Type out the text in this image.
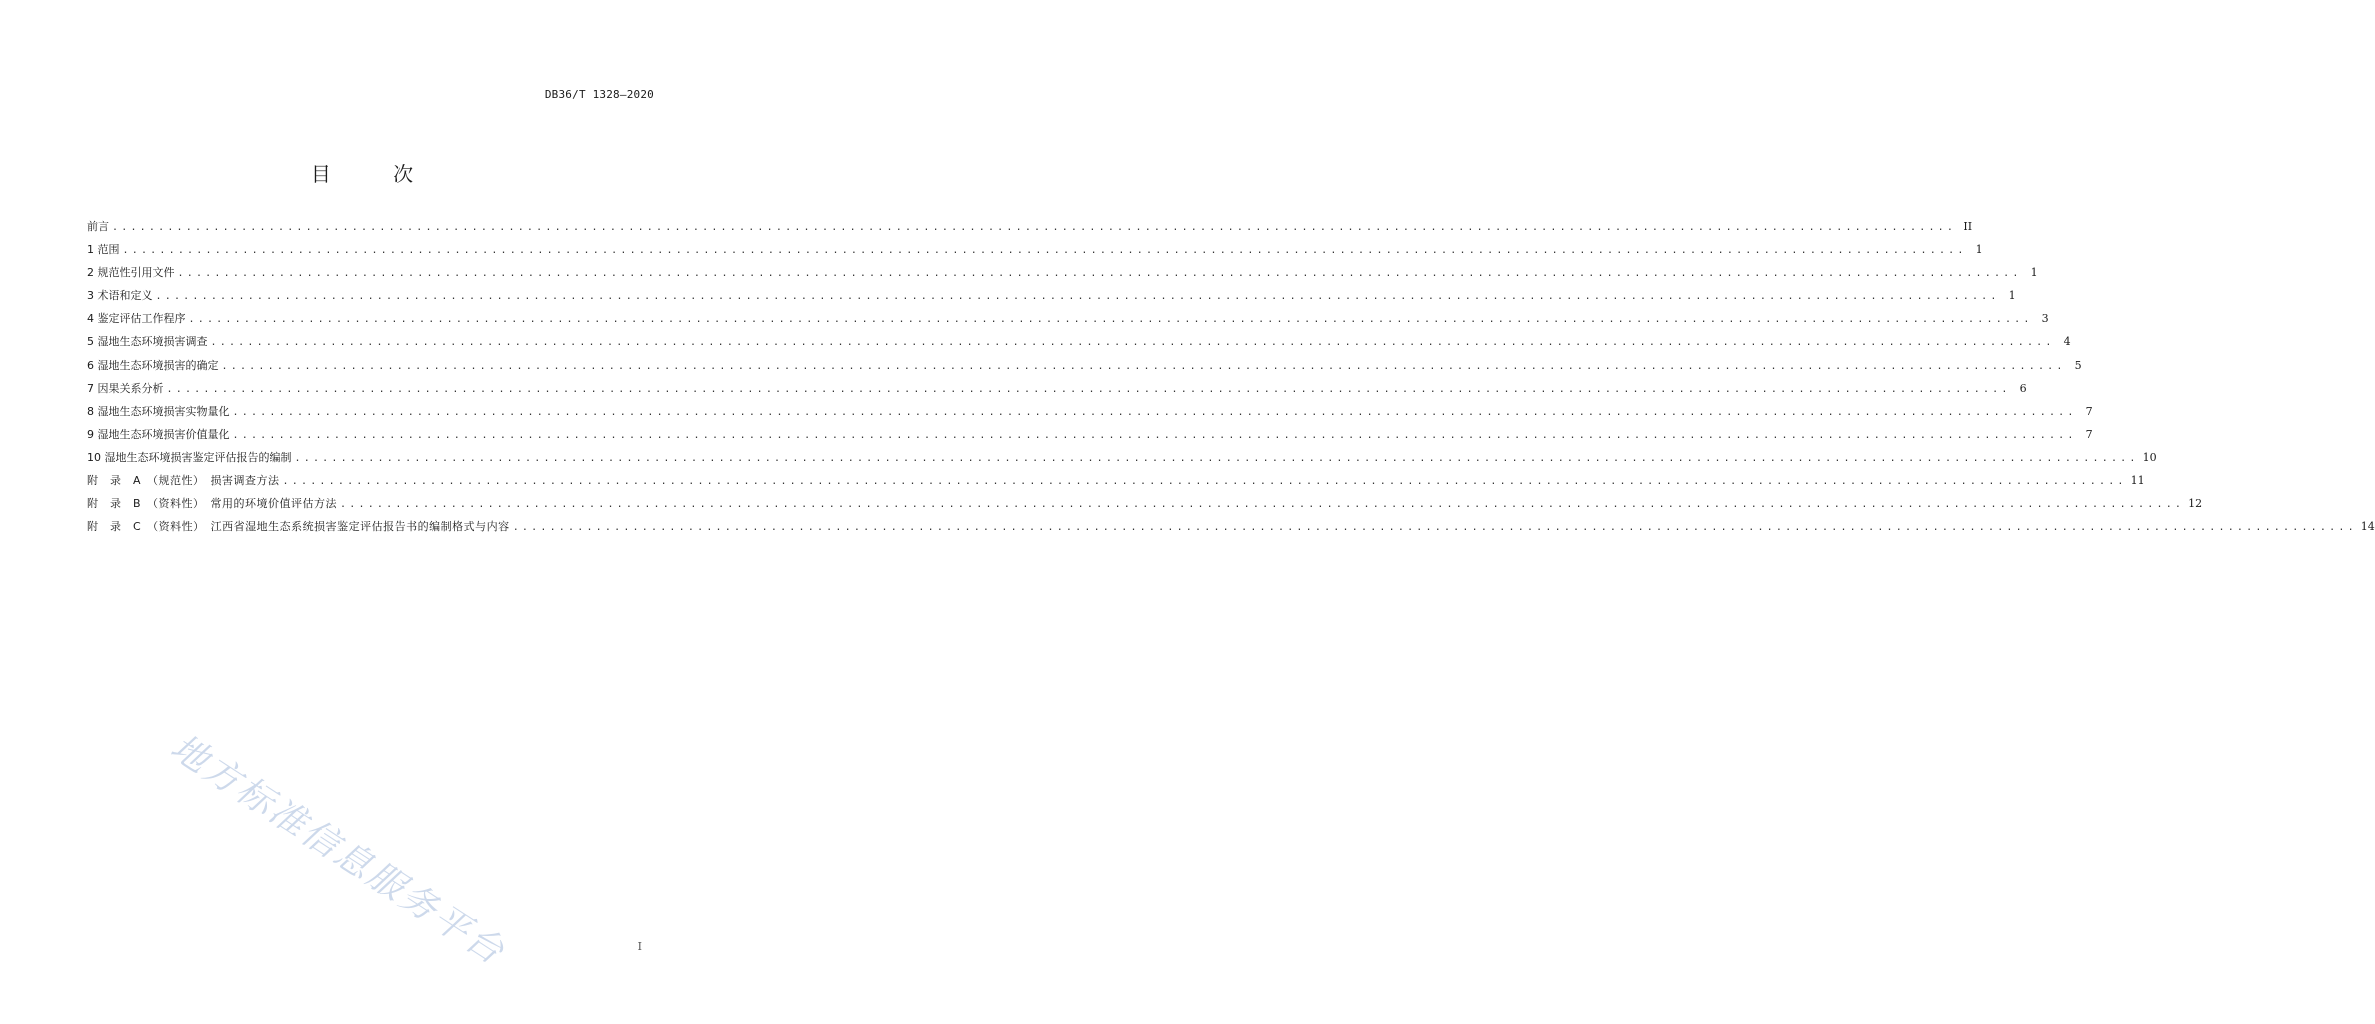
DB36/T 1328—2020
目 次
前言 ........................................................................................................................................................................................................ II
1 范围 ........................................................................................................................................................................................................ 1
2 规范性引用文件 ........................................................................................................................................................................................................ 1
3 术语和定义 ........................................................................................................................................................................................................ 1
4 鉴定评估工作程序 ........................................................................................................................................................................................................ 3
5 湿地生态环境损害调查 ........................................................................................................................................................................................................ 4
6 湿地生态环境损害的确定 ........................................................................................................................................................................................................ 5
7 因果关系分析 ........................................................................................................................................................................................................ 6
8 湿地生态环境损害实物量化 ........................................................................................................................................................................................................ 7
9 湿地生态环境损害价值量化 ........................................................................................................................................................................................................ 7
10 湿地生态环境损害鉴定评估报告的编制 ........................................................................................................................................................................................................ 10
附　录　A　（规范性）　损害调查方法 ........................................................................................................................................................................................................ 11
附　录　B　（资料性）　常用的环境价值评估方法 ........................................................................................................................................................................................................ 12
附　录　C　（资料性）　江西省湿地生态系统损害鉴定评估报告书的编制格式与内容 ........................................................................................................................................................................................................ 14
地方标准信息服务平台	I
